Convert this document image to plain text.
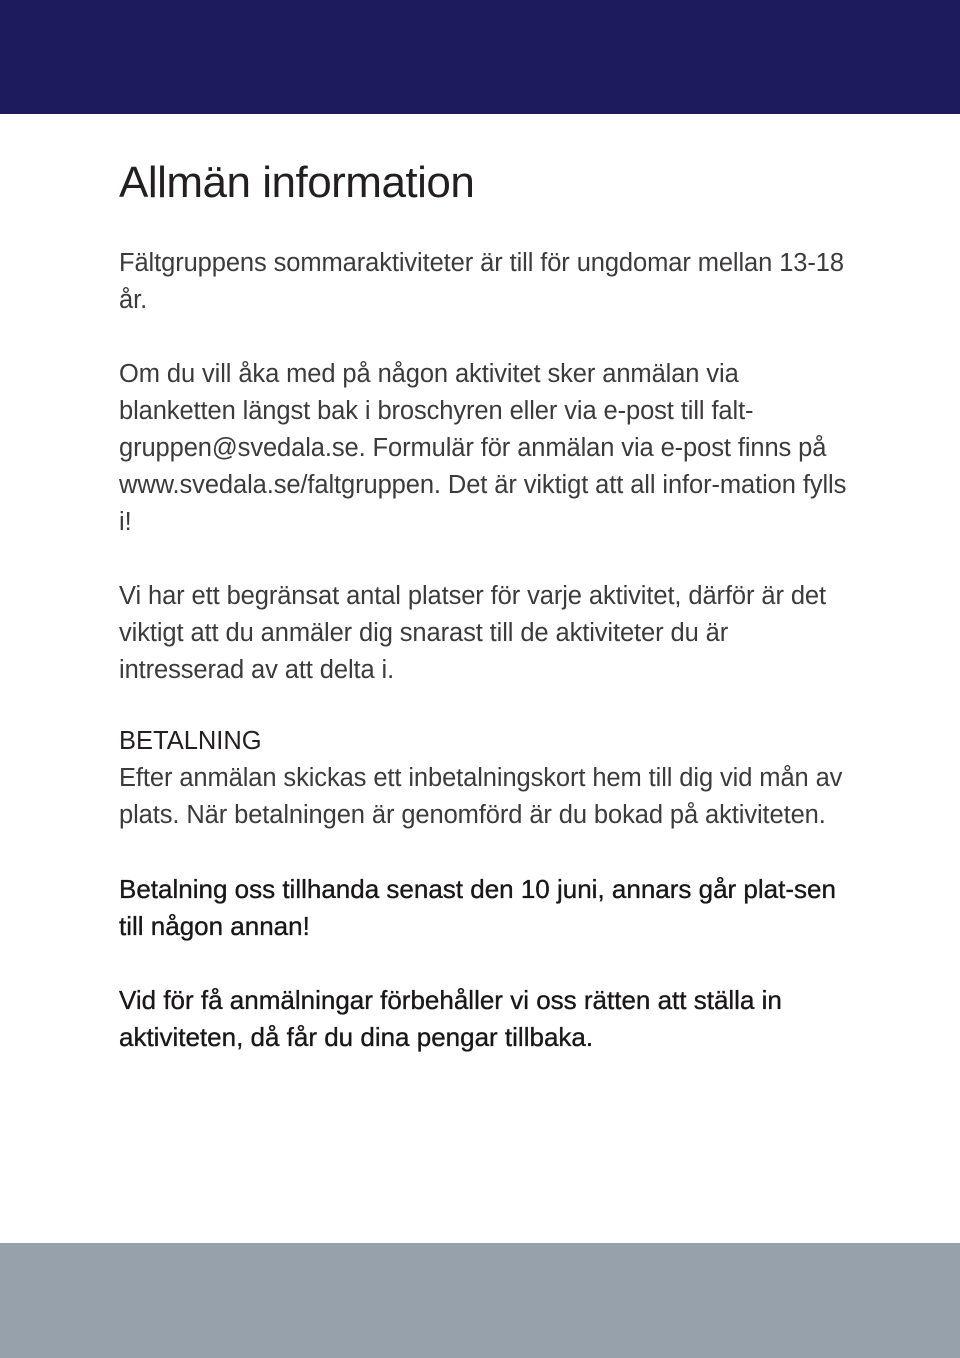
Allmän information

Fältgruppens sommaraktiviteter är till för ungdomar mellan 13-18 år.

Om du vill åka med på någon aktivitet sker anmälan via blanketten längst bak i broschyren eller via e-post till falt-gruppen@svedala.se. Formulär för anmälan via e-post finns på www.svedala.se/faltgruppen. Det är viktigt att all infor-mation fylls i!

Vi har ett begränsat antal platser för varje aktivitet, därför är det viktigt att du anmäler dig snarast till de aktiviteter du är intresserad av att delta i.

BETALNING

Efter anmälan skickas ett inbetalningskort hem till dig vid mån av plats. När betalningen är genomförd är du bokad på aktiviteten.

Betalning oss tillhanda senast den 10 juni, annars går plat-sen till någon annan!

Vid för få anmälningar förbehåller vi oss rätten att ställa in aktiviteten, då får du dina pengar tillbaka.
